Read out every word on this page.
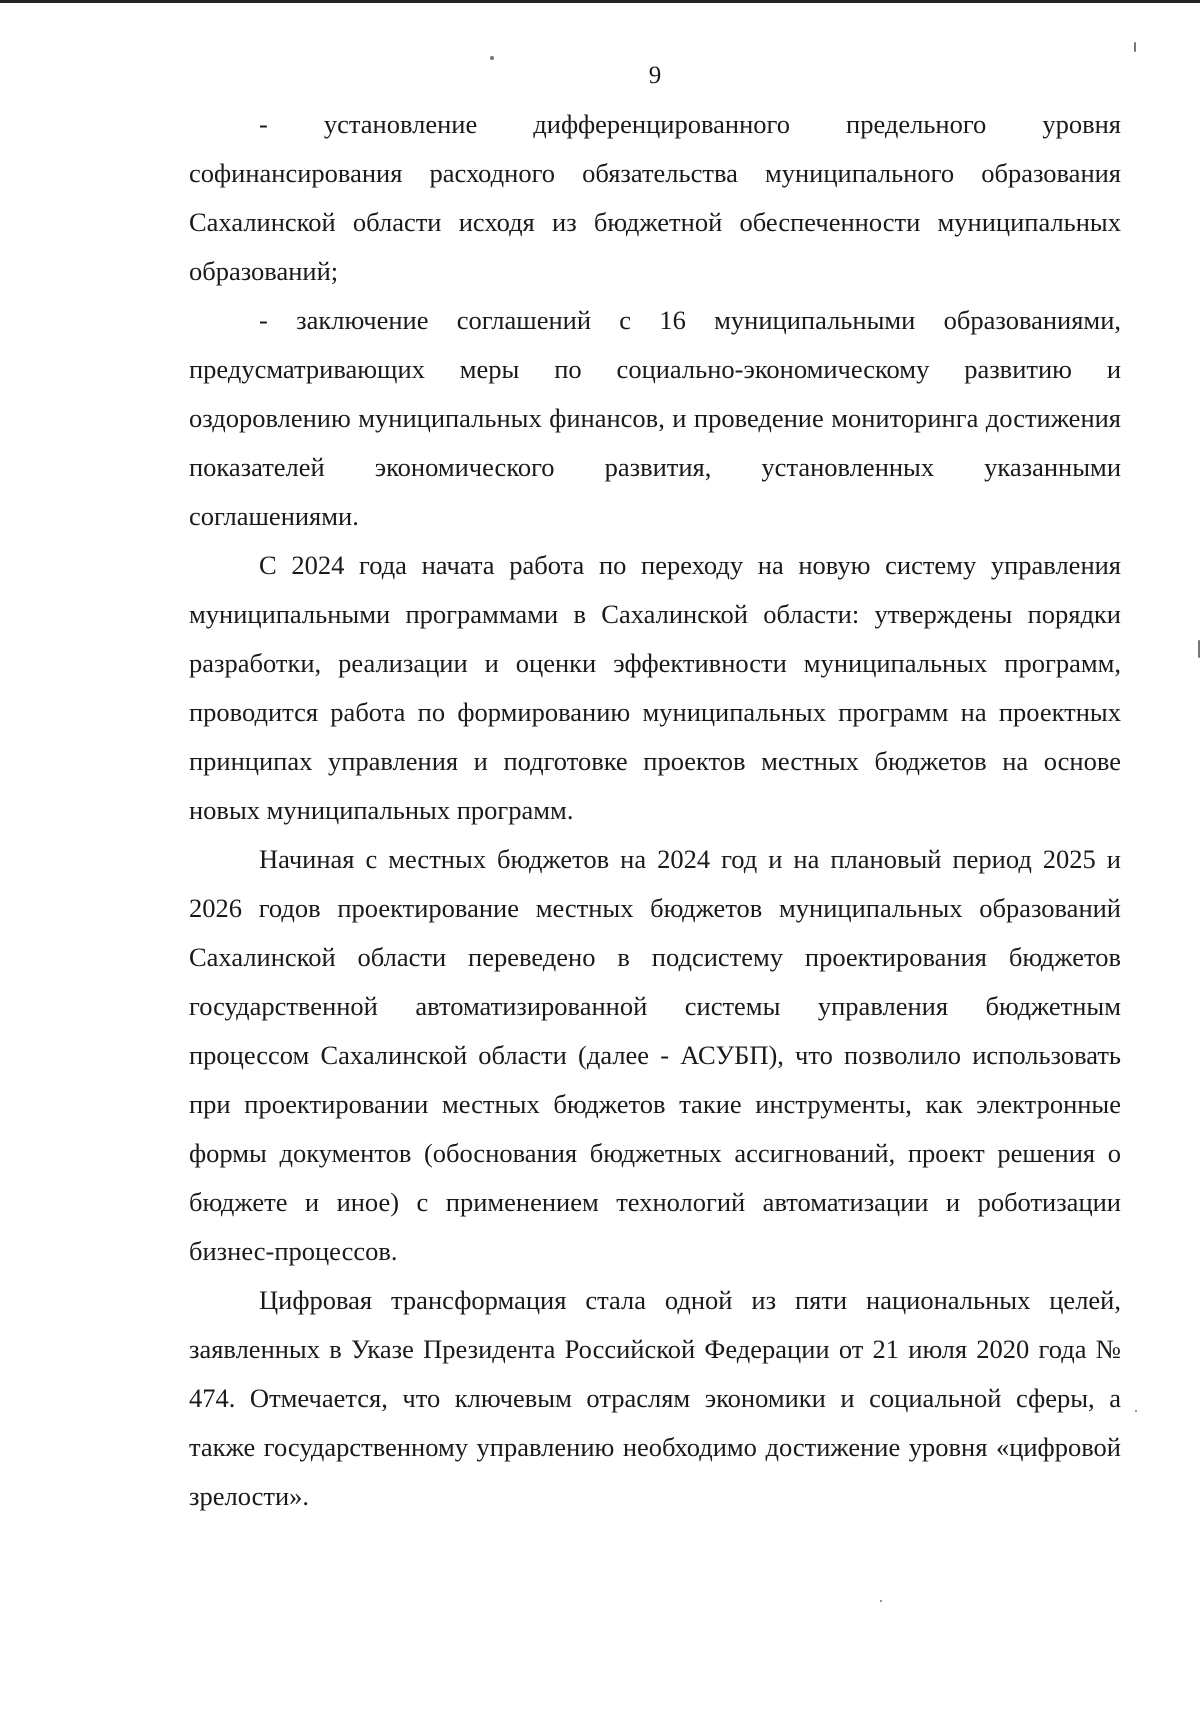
9

- установление дифференцированного предельного уровня софинансирования расходного обязательства муниципального образования Сахалинской области исходя из бюджетной обеспеченности муниципальных образований;

- заключение соглашений с 16 муниципальными образованиями, предусматривающих меры по социально-экономическому развитию и оздоровлению муниципальных финансов, и проведение мониторинга достижения показателей экономического развития, установленных указанными соглашениями.

С 2024 года начата работа по переходу на новую систему управления муниципальными программами в Сахалинской области: утверждены порядки разработки, реализации и оценки эффективности муниципальных программ, проводится работа по формированию муниципальных программ на проектных принципах управления и подготовке проектов местных бюджетов на основе новых муниципальных программ.

Начиная с местных бюджетов на 2024 год и на плановый период 2025 и 2026 годов проектирование местных бюджетов муниципальных образований Сахалинской области переведено в подсистему проектирования бюджетов государственной автоматизированной системы управления бюджетным процессом Сахалинской области (далее - АСУБП), что позволило использовать при проектировании местных бюджетов такие инструменты, как электронные формы документов (обоснования бюджетных ассигнований, проект решения о бюджете и иное) с применением технологий автоматизации и роботизации бизнес-процессов.

Цифровая трансформация стала одной из пяти национальных целей, заявленных в Указе Президента Российской Федерации от 21 июля 2020 года № 474. Отмечается, что ключевым отраслям экономики и социальной сферы, а также государственному управлению необходимо достижение уровня «цифровой зрелости».
